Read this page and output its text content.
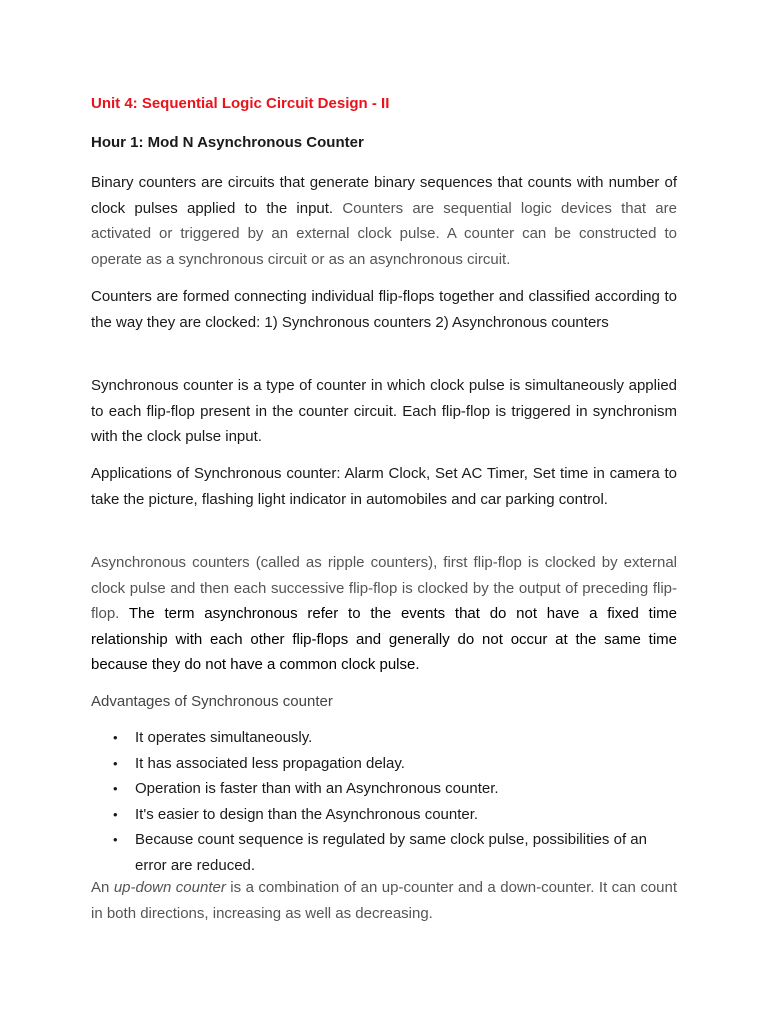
Unit 4: Sequential Logic Circuit Design - II
Hour 1: Mod N Asynchronous Counter

Binary counters are circuits that generate binary sequences that counts with number of clock pulses applied to the input. Counters are sequential logic devices that are activated or triggered by an external clock pulse. A counter can be constructed to operate as a synchronous circuit or as an asynchronous circuit.

Counters are formed connecting individual flip-flops together and classified according to the way they are clocked: 1) Synchronous counters 2) Asynchronous counters

Synchronous counter is a type of counter in which clock pulse is simultaneously applied to each flip-flop present in the counter circuit. Each flip-flop is triggered in synchronism with the clock pulse input.

Applications of Synchronous counter: Alarm Clock, Set AC Timer, Set time in camera to take the picture, flashing light indicator in automobiles and car parking control.

Asynchronous counters (called as ripple counters), first flip-flop is clocked by external clock pulse and then each successive flip-flop is clocked by the output of preceding flip-flop. The term asynchronous refer to the events that do not have a fixed time relationship with each other flip-flops and generally do not occur at the same time because they do not have a common clock pulse.

Advantages of Synchronous counter

• It operates simultaneously.
• It has associated less propagation delay.
• Operation is faster than with an Asynchronous counter.
• It's easier to design than the Asynchronous counter.
• Because count sequence is regulated by same clock pulse, possibilities of an error are reduced.

An up-down counter is a combination of an up-counter and a down-counter. It can count in both directions, increasing as well as decreasing.
